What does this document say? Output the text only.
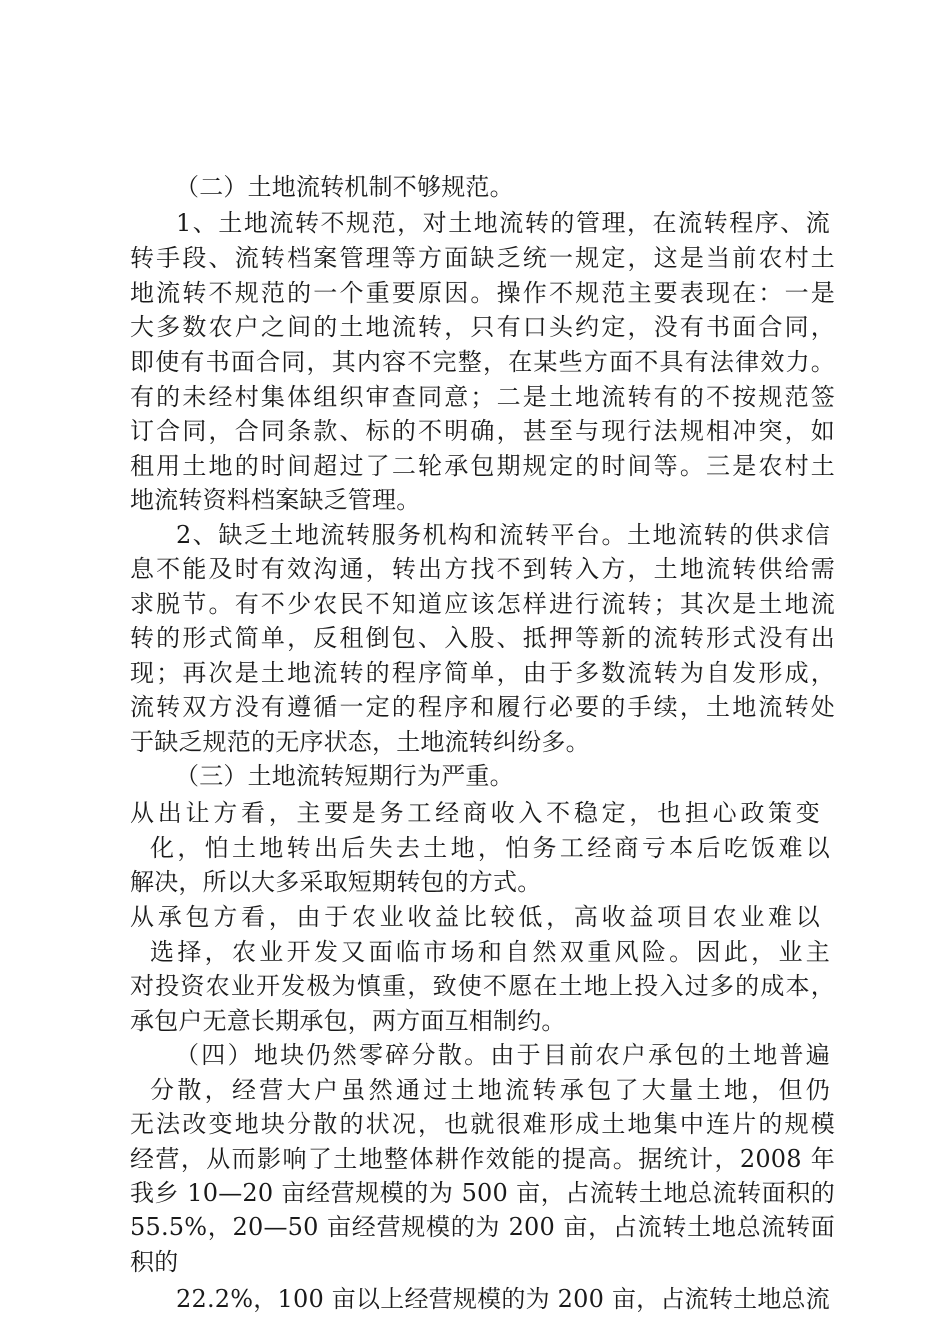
（二）土地流转机制不够规范。
1、土地流转不规范，对土地流转的管理，在流转程序、流
转手段、流转档案管理等方面缺乏统一规定，这是当前农村土
地流转不规范的一个重要原因。操作不规范主要表现在：一是
大多数农户之间的土地流转，只有口头约定，没有书面合同，
即使有书面合同，其内容不完整，在某些方面不具有法律效力。
有的未经村集体组织审查同意；二是土地流转有的不按规范签
订合同，合同条款、标的不明确，甚至与现行法规相冲突，如
租用土地的时间超过了二轮承包期规定的时间等。三是农村土
地流转资料档案缺乏管理。
2、缺乏土地流转服务机构和流转平台。土地流转的供求信
息不能及时有效沟通，转出方找不到转入方，土地流转供给需
求脱节。有不少农民不知道应该怎样进行流转；其次是土地流
转的形式简单，反租倒包、入股、抵押等新的流转形式没有出
现；再次是土地流转的程序简单，由于多数流转为自发形成，
流转双方没有遵循一定的程序和履行必要的手续，土地流转处
于缺乏规范的无序状态，土地流转纠纷多。
（三）土地流转短期行为严重。
从出让方看，主要是务工经商收入不稳定，也担心政策变
化，怕土地转出后失去土地，怕务工经商亏本后吃饭难以
解决，所以大多采取短期转包的方式。
从承包方看，由于农业收益比较低，高收益项目农业难以
选择，农业开发又面临市场和自然双重风险。因此，业主
对投资农业开发极为慎重，致使不愿在土地上投入过多的成本，
承包户无意长期承包，两方面互相制约。
（四）地块仍然零碎分散。由于目前农户承包的土地普遍
分散，经营大户虽然通过土地流转承包了大量土地，但仍
无法改变地块分散的状况，也就很难形成土地集中连片的规模
经营，从而影响了土地整体耕作效能的提高。据统计，2008 年
我乡 10—20 亩经营规模的为 500 亩，占流转土地总流转面积的
55.5%，20—50 亩经营规模的为 200 亩，占流转土地总流转面
积的
22.2%，100 亩以上经营规模的为 200 亩，占流转土地总流
